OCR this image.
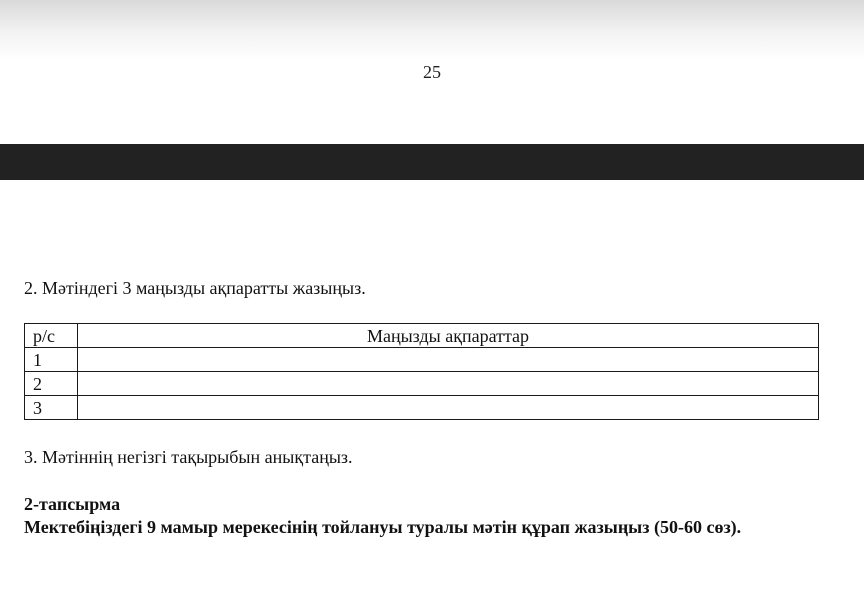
25
2. Мәтіндегі 3 маңызды ақпаратты жазыңыз.
р/с	Маңызды ақпараттар
1	
2	
3	
3. Мәтіннің негізгі тақырыбын анықтаңыз.
2-тапсырма
Мектебіңіздегі 9 мамыр мерекесінің тойлануы туралы мәтін құрап жазыңыз (50-60 сөз).
